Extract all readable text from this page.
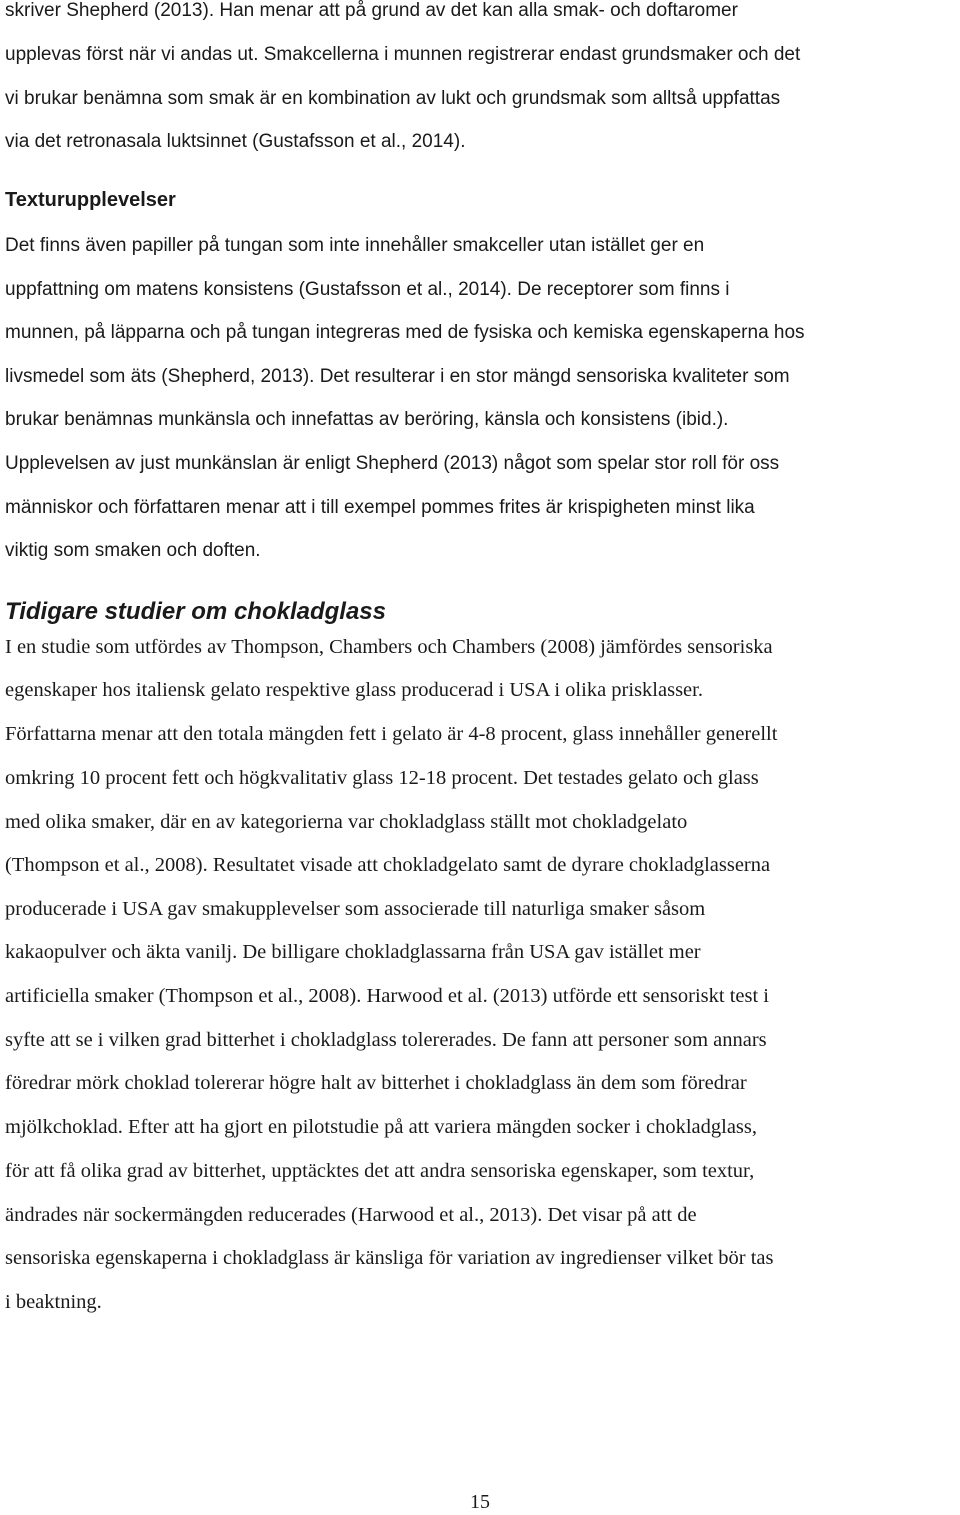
skriver Shepherd (2013). Han menar att på grund av det kan alla smak- och doftaromer
upplevas först när vi andas ut. Smakcellerna i munnen registrerar endast grundsmaker och det
vi brukar benämna som smak är en kombination av lukt och grundsmak som alltså uppfattas
via det retronasala luktsinnet (Gustafsson et al., 2014).
Texturupplevelser
Det finns även papiller på tungan som inte innehåller smakceller utan istället ger en
uppfattning om matens konsistens (Gustafsson et al., 2014). De receptorer som finns i
munnen, på läpparna och på tungan integreras med de fysiska och kemiska egenskaperna hos
livsmedel som äts (Shepherd, 2013). Det resulterar i en stor mängd sensoriska kvaliteter som
brukar benämnas munkänsla och innefattas av beröring, känsla och konsistens (ibid.).
Upplevelsen av just munkänslan är enligt Shepherd (2013) något som spelar stor roll för oss
människor och författaren menar att i till exempel pommes frites är krispigheten minst lika
viktig som smaken och doften.
Tidigare studier om chokladglass
I en studie som utfördes av Thompson, Chambers och Chambers (2008) jämfördes sensoriska
egenskaper hos italiensk gelato respektive glass producerad i USA i olika prisklasser.
Författarna menar att den totala mängden fett i gelato är 4-8 procent, glass innehåller generellt
omkring 10 procent fett och högkvalitativ glass 12-18 procent. Det testades gelato och glass
med olika smaker, där en av kategorierna var chokladglass ställt mot chokladgelato
(Thompson et al., 2008). Resultatet visade att chokladgelato samt de dyrare chokladglasserna
producerade i USA gav smakupplevelser som associerade till naturliga smaker såsom
kakaopulver och äkta vanilj. De billigare chokladglassarna från USA gav istället mer
artificiella smaker (Thompson et al., 2008). Harwood et al. (2013) utförde ett sensoriskt test i
syfte att se i vilken grad bitterhet i chokladglass tolererades. De fann att personer som annars
föredrar mörk choklad tolererar högre halt av bitterhet i chokladglass än dem som föredrar
mjölkchoklad. Efter att ha gjort en pilotstudie på att variera mängden socker i chokladglass,
för att få olika grad av bitterhet, upptäcktes det att andra sensoriska egenskaper, som textur,
ändrades när sockermängden reducerades (Harwood et al., 2013). Det visar på att de
sensoriska egenskaperna i chokladglass är känsliga för variation av ingredienser vilket bör tas
i beaktning.
15
